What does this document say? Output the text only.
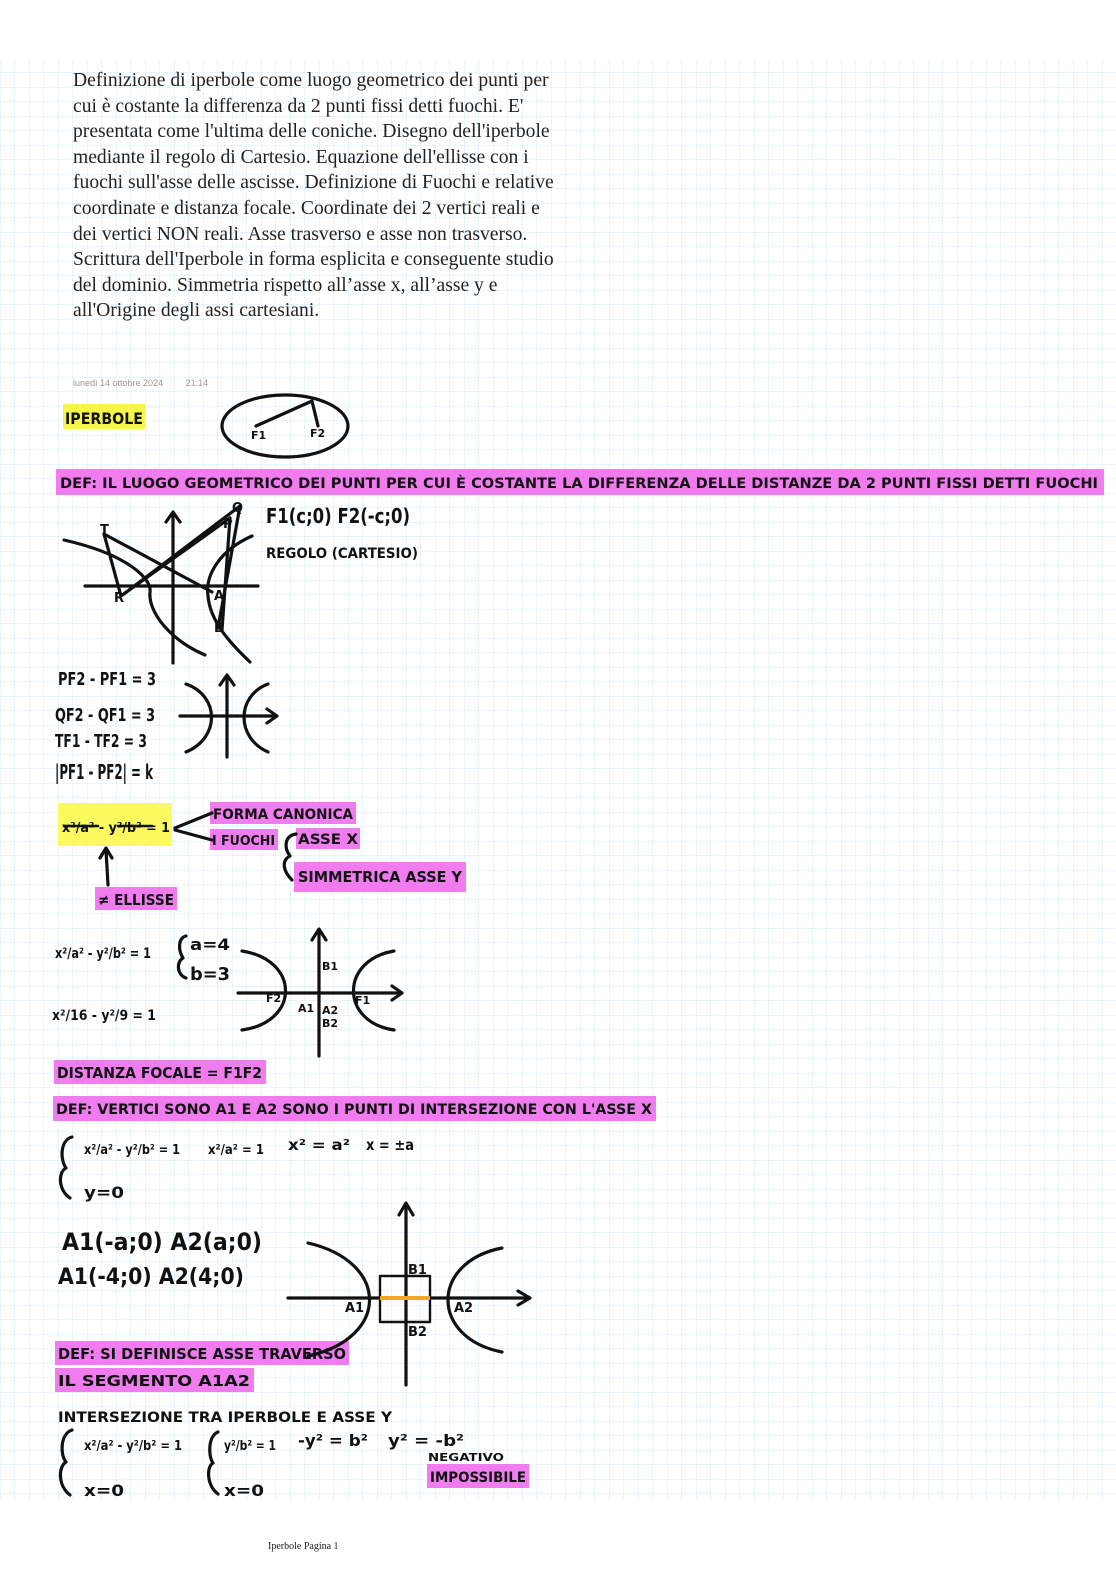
Definizione di iperbole come luogo geometrico dei punti per cui è costante la differenza da 2 punti fissi detti fuochi. E' presentata come l'ultima delle coniche. Disegno dell'iperbole mediante il regolo di Cartesio. Equazione dell'ellisse con i fuochi sull'asse delle ascisse. Definizione di Fuochi e relative coordinate e distanza focale. Coordinate dei 2 vertici reali e dei vertici NON reali. Asse trasverso e asse non trasverso. Scrittura dell'Iperbole in forma esplicita e conseguente studio del dominio. Simmetria rispetto all’asse x, all’asse y e all'Origine degli assi cartesiani.

lunedì 14 ottobre 2024	21:14
IPERBOLE
F1	F2
DEF: IL LUOGO GEOMETRICO DEI PUNTI PER CUI È COSTANTE LA DIFFERENZA DELLE DISTANZE DA 2 PUNTI FISSI DETTI FUOCHI
F1(c;0) F2(-c;0)
REGOLO (CARTESIO)
Q
T	P
R	A
B
PF2 - PF1 = 3
QF2 - QF1 = 3
TF1 - TF2 = 3
|PF1 - PF2| = k
x²/a² - y²/b² = 1
FORMA CANONICA
I FUOCHI ASSE X
SIMMETRICA ASSE Y
≠ ELLISSE
x²/a² - y²/b² = 1 a=4
b=3
x²/16 - y²/9 = 1
B1
B2
F2
A1 A2
F1
DISTANZA FOCALE = F1F2
DEF: VERTICI SONO A1 E A2 SONO I PUNTI DI INTERSEZIONE CON L'ASSE X
x²/a² - y²/b² = 1
y=0
x²/a² = 1 x² = a² x = ±a
A1(-a;0) A2(a;0)
A1(-4;0) A2(4;0)
A1	A2
B1
B2
DEF: SI DEFINISCE ASSE TRAVERSO
IL SEGMENTO A1A2
INTERSEZIONE TRA IPERBOLE E ASSE Y
x²/a² - y²/b² = 1
x=0
y²/b² = 1
x=0
-y² = b² y² = -b²
NEGATIVO
IMPOSSIBILE
Iperbole Pagina 1
